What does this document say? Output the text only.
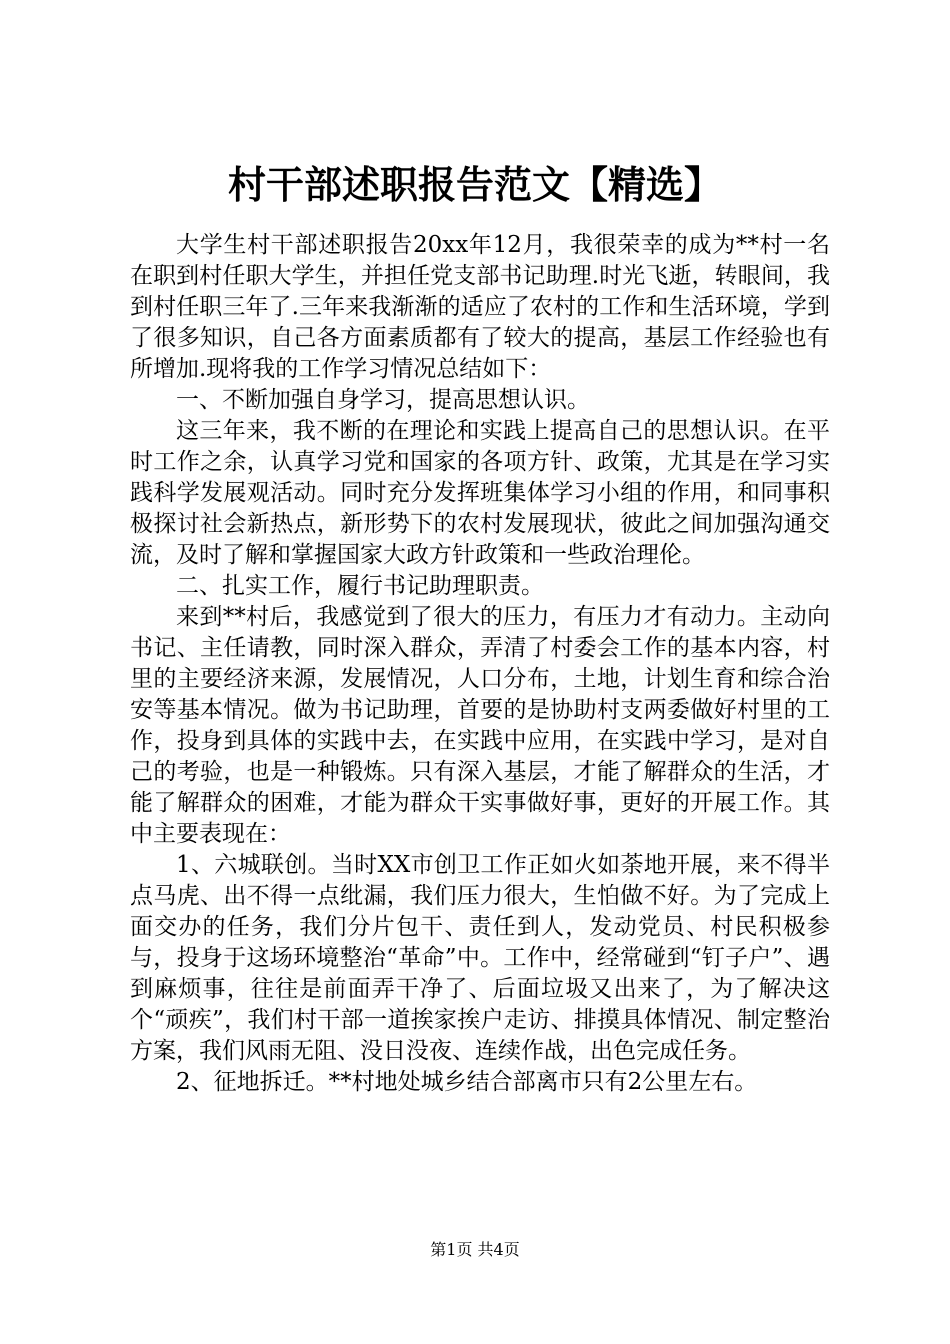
村干部述职报告范文【精选】

大学生村干部述职报告20xx年12月，我很荣幸的成为**村一名在职到村任职大学生，并担任党支部书记助理.时光飞逝，转眼间，我到村任职三年了.三年来我渐渐的适应了农村的工作和生活环境，学到了很多知识，自己各方面素质都有了较大的提高，基层工作经验也有所增加.现将我的工作学习情况总结如下：

一、不断加强自身学习，提高思想认识。

这三年来，我不断的在理论和实践上提高自己的思想认识。在平时工作之余，认真学习党和国家的各项方针、政策，尤其是在学习实践科学发展观活动。同时充分发挥班集体学习小组的作用，和同事积极探讨社会新热点，新形势下的农村发展现状，彼此之间加强沟通交流，及时了解和掌握国家大政方针政策和一些政治理伦。

二、扎实工作，履行书记助理职责。

来到**村后，我感觉到了很大的压力，有压力才有动力。主动向书记、主任请教，同时深入群众，弄清了村委会工作的基本内容，村里的主要经济来源，发展情况，人口分布，土地，计划生育和综合治安等基本情况。做为书记助理，首要的是协助村支两委做好村里的工作，投身到具体的实践中去，在实践中应用，在实践中学习，是对自己的考验，也是一种锻炼。只有深入基层，才能了解群众的生活，才能了解群众的困难，才能为群众干实事做好事，更好的开展工作。其中主要表现在：

1、六城联创。当时XX市创卫工作正如火如荼地开展，来不得半点马虎、出不得一点纰漏，我们压力很大，生怕做不好。为了完成上面交办的任务，我们分片包干、责任到人，发动党员、村民积极参与，投身于这场环境整治“革命”中。工作中，经常碰到“钉子户”、遇到麻烦事，往往是前面弄干净了、后面垃圾又出来了，为了解决这个“顽疾”，我们村干部一道挨家挨户走访、排摸具体情况、制定整治方案，我们风雨无阻、没日没夜、连续作战，出色完成任务。

2、征地拆迁。**村地处城乡结合部离市只有2公里左右。

第1页 共4页
